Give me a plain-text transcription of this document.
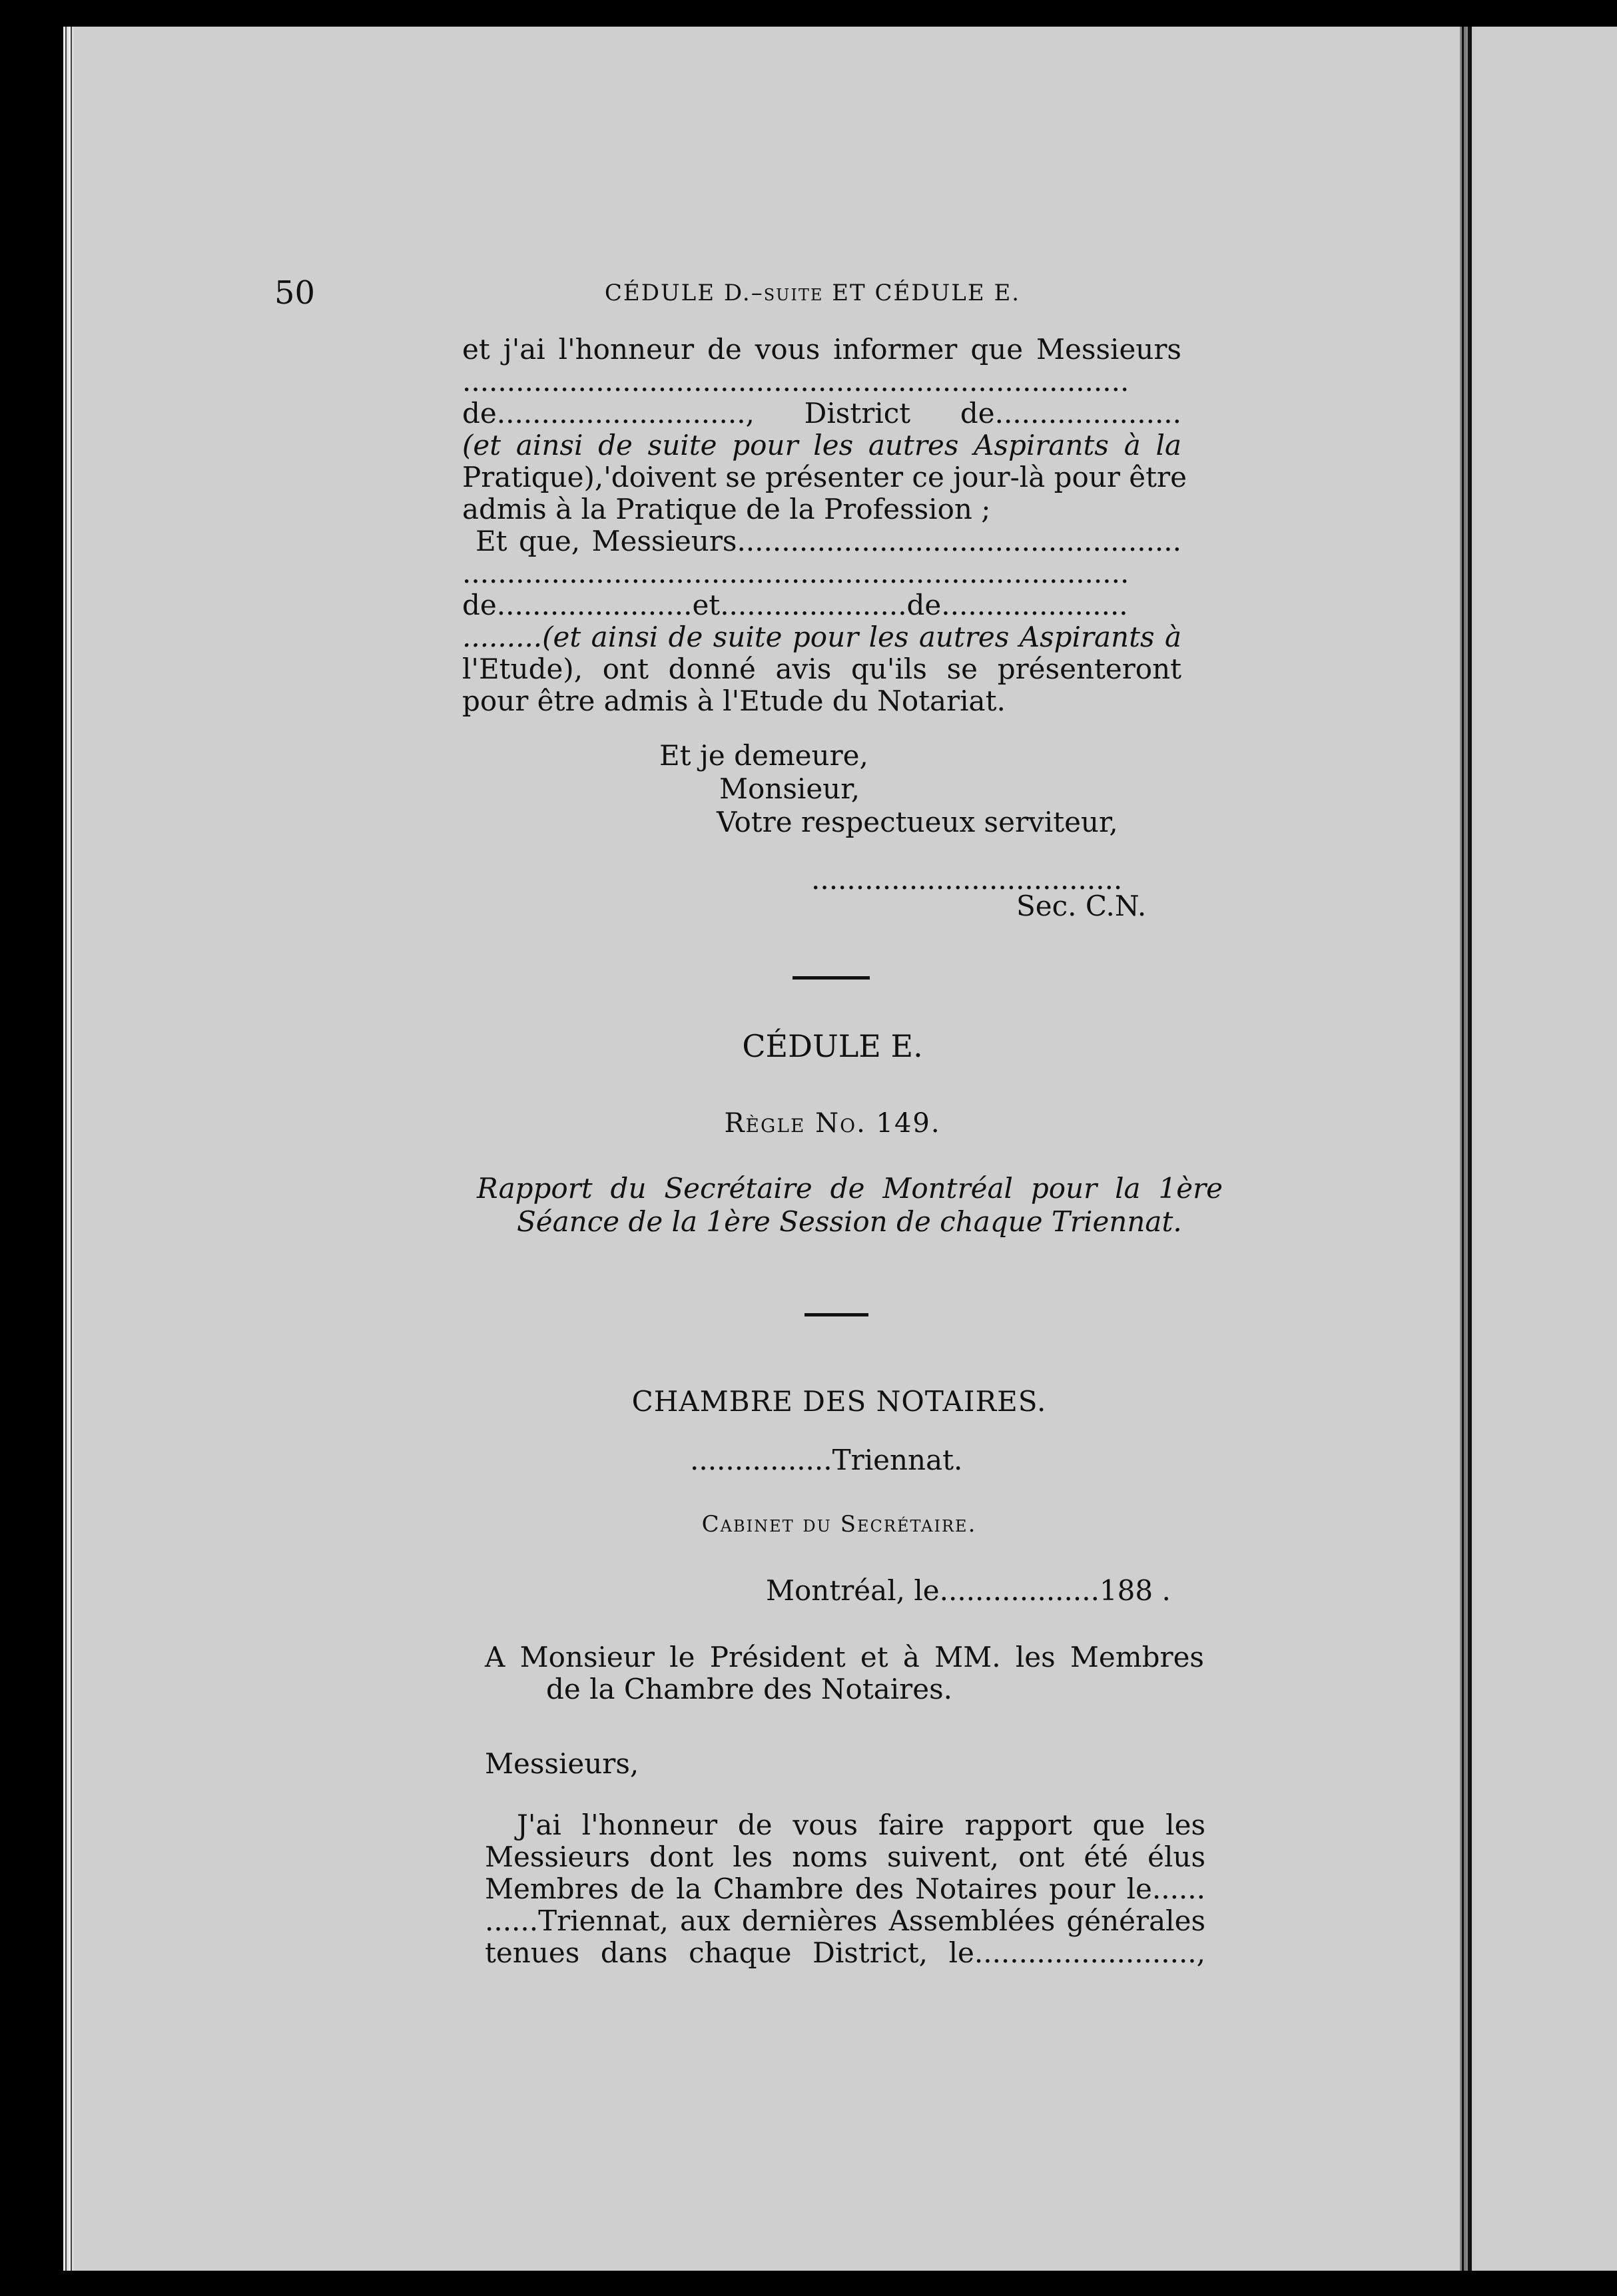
50	CÉDULE D.–suite ET CÉDULE E.
et j'ai l'honneur de vous informer que Messieurs
...........................................................................
de............................, District de.....................
(et ainsi de suite pour les autres Aspirants à la
Pratique),'doivent se présenter ce jour-là pour être
admis à la Pratique de la Profession ;
Et que, Messieurs..................................................
...........................................................................
de......................et.....................de.....................
.........(et ainsi de suite pour les autres Aspirants à
l'Etude), ont donné avis qu'ils se présenteront
pour être admis à l'Etude du Notariat.
Et je demeure,
Monsieur,
Votre respectueux serviteur,
...................................
Sec. C.N.
CÉDULE E.
Règle No. 149.
Rapport du Secrétaire de Montréal pour la 1ère
Séance de la 1ère Session de chaque Triennat.
CHAMBRE DES NOTAIRES.
................Triennat.
Cabinet du Secrétaire.
Montréal, le..................188 .
A Monsieur le Président et à MM. les Membres
de la Chambre des Notaires.
Messieurs,
J'ai l'honneur de vous faire rapport que les
Messieurs dont les noms suivent, ont été élus
Membres de la Chambre des Notaires pour le......
......Triennat, aux dernières Assemblées générales
tenues dans chaque District, le.........................,
